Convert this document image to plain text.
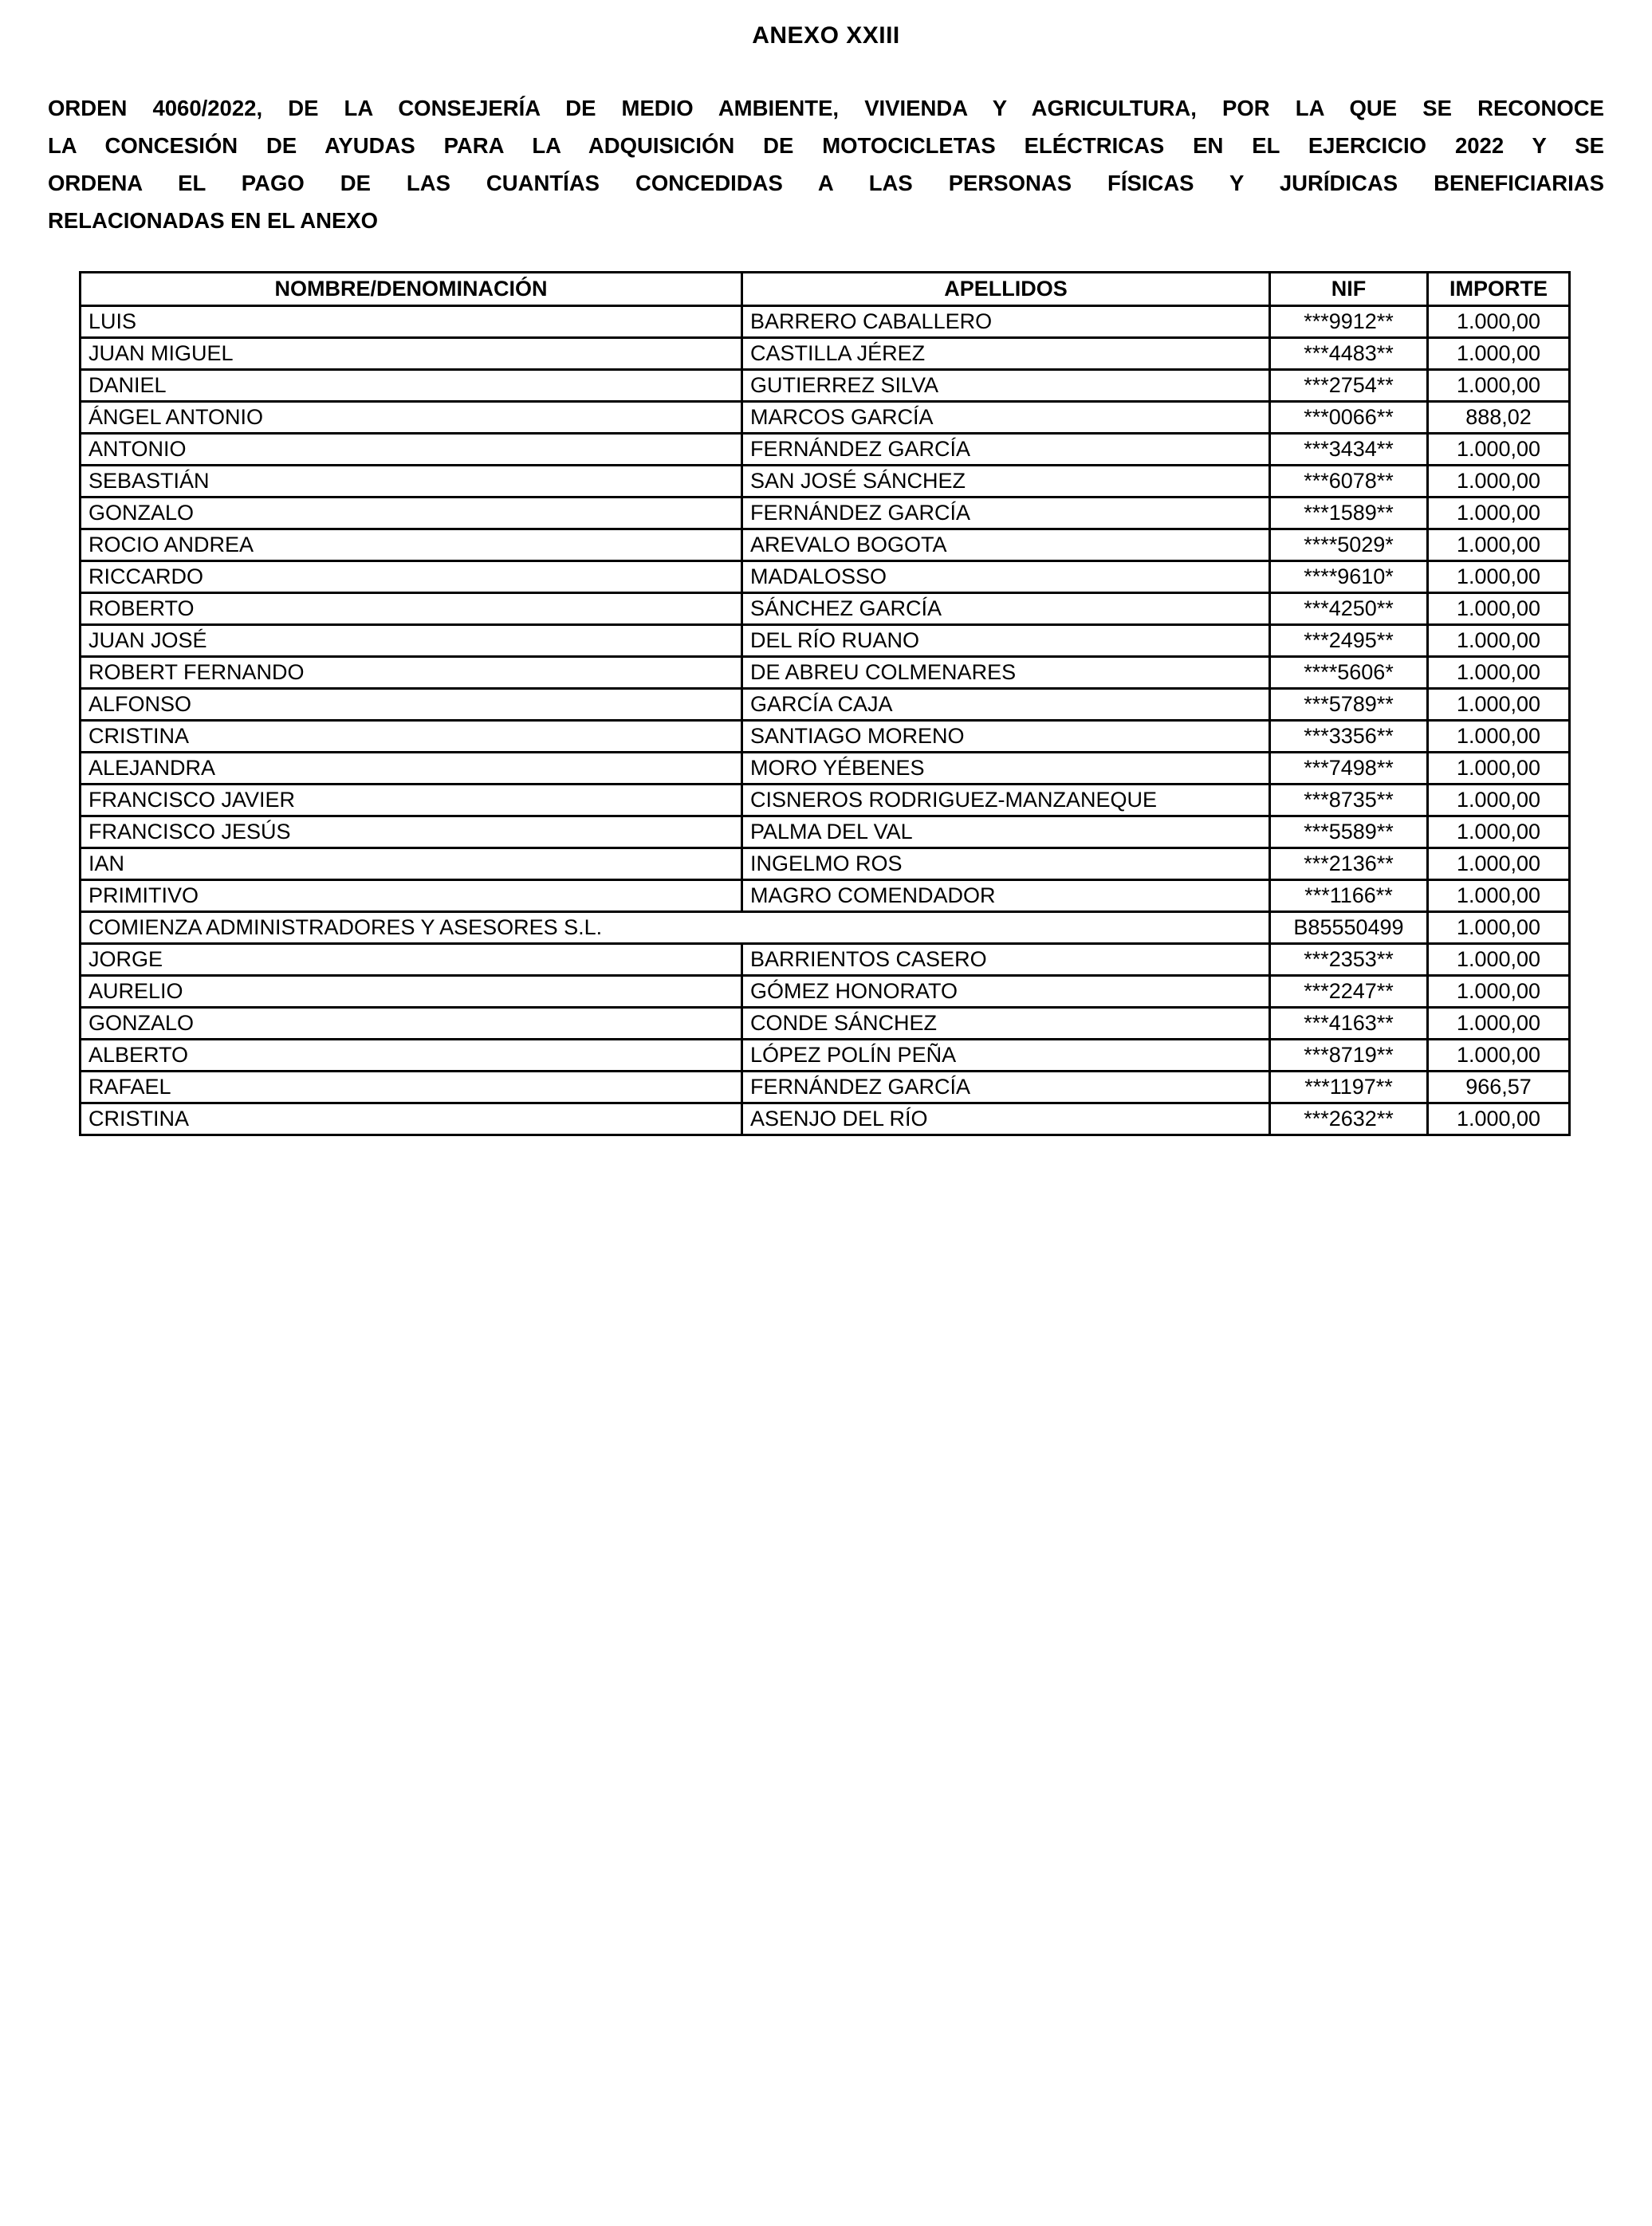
ANEXO XXIII
ORDEN 4060/2022, DE LA CONSEJERÍA DE MEDIO AMBIENTE, VIVIENDA Y AGRICULTURA, POR LA QUE SE RECONOCE
LA CONCESIÓN DE AYUDAS PARA LA ADQUISICIÓN DE MOTOCICLETAS ELÉCTRICAS EN EL EJERCICIO 2022 Y SE
ORDENA EL PAGO DE LAS CUANTÍAS CONCEDIDAS A LAS PERSONAS FÍSICAS Y JURÍDICAS BENEFICIARIAS
RELACIONADAS EN EL ANEXO
NOMBRE/DENOMINACIÓN	APELLIDOS	NIF	IMPORTE
LUIS	BARRERO CABALLERO	***9912**	1.000,00
JUAN MIGUEL	CASTILLA JÉREZ	***4483**	1.000,00
DANIEL	GUTIERREZ SILVA	***2754**	1.000,00
ÁNGEL ANTONIO	MARCOS GARCÍA	***0066**	888,02
ANTONIO	FERNÁNDEZ GARCÍA	***3434**	1.000,00
SEBASTIÁN	SAN JOSÉ SÁNCHEZ	***6078**	1.000,00
GONZALO	FERNÁNDEZ GARCÍA	***1589**	1.000,00
ROCIO ANDREA	AREVALO BOGOTA	****5029*	1.000,00
RICCARDO	MADALOSSO	****9610*	1.000,00
ROBERTO	SÁNCHEZ GARCÍA	***4250**	1.000,00
JUAN JOSÉ	DEL RÍO RUANO	***2495**	1.000,00
ROBERT FERNANDO	DE ABREU COLMENARES	****5606*	1.000,00
ALFONSO	GARCÍA CAJA	***5789**	1.000,00
CRISTINA	SANTIAGO MORENO	***3356**	1.000,00
ALEJANDRA	MORO YÉBENES	***7498**	1.000,00
FRANCISCO JAVIER	CISNEROS RODRIGUEZ-MANZANEQUE	***8735**	1.000,00
FRANCISCO JESÚS	PALMA DEL VAL	***5589**	1.000,00
IAN	INGELMO ROS	***2136**	1.000,00
PRIMITIVO	MAGRO COMENDADOR	***1166**	1.000,00
COMIENZA ADMINISTRADORES Y ASESORES S.L.		B85550499	1.000,00
JORGE	BARRIENTOS CASERO	***2353**	1.000,00
AURELIO	GÓMEZ HONORATO	***2247**	1.000,00
GONZALO	CONDE SÁNCHEZ	***4163**	1.000,00
ALBERTO	LÓPEZ POLÍN PEÑA	***8719**	1.000,00
RAFAEL	FERNÁNDEZ GARCÍA	***1197**	966,57
CRISTINA	ASENJO DEL RÍO	***2632**	1.000,00
